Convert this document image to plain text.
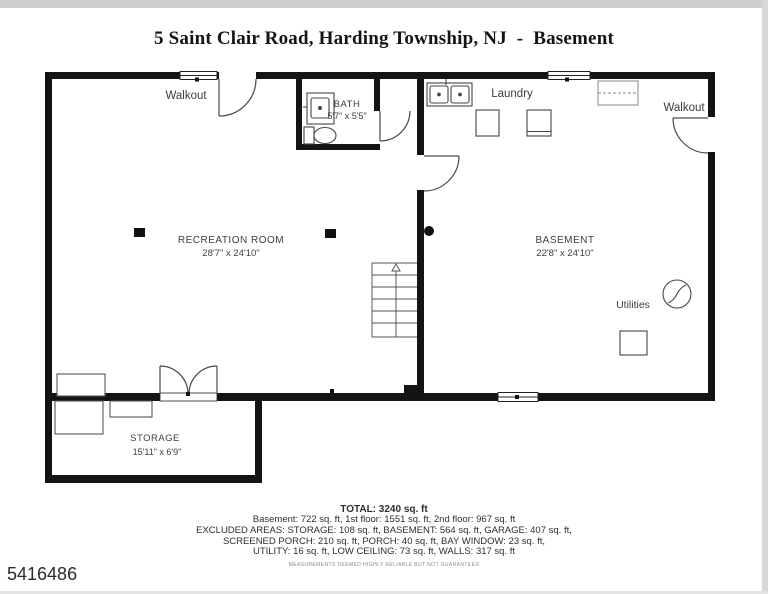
5 Saint Clair Road, Harding Township, NJ  -  Basement
Walkout
BATH
5'7" x 5'5"
Laundry
Walkout
RECREATION ROOM
28'7" x 24'10"
BASEMENT
22'8" x 24'10"
Utilities
STORAGE
15'11" x 6'9"
TOTAL: 3240 sq. ft
Basement: 722 sq. ft, 1st floor: 1551 sq. ft, 2nd floor: 967 sq. ft
EXCLUDED AREAS: STORAGE: 108 sq. ft, BASEMENT: 564 sq. ft, GARAGE: 407 sq. ft,
SCREENED PORCH: 210 sq. ft, PORCH: 40 sq. ft, BAY WINDOW: 23 sq. ft,
UTILITY: 16 sq. ft, LOW CEILING: 73 sq. ft, WALLS: 317 sq. ft
MEASUREMENTS DEEMED HIGHLY RELIABLE BUT NOT GUARANTEED
5416486
